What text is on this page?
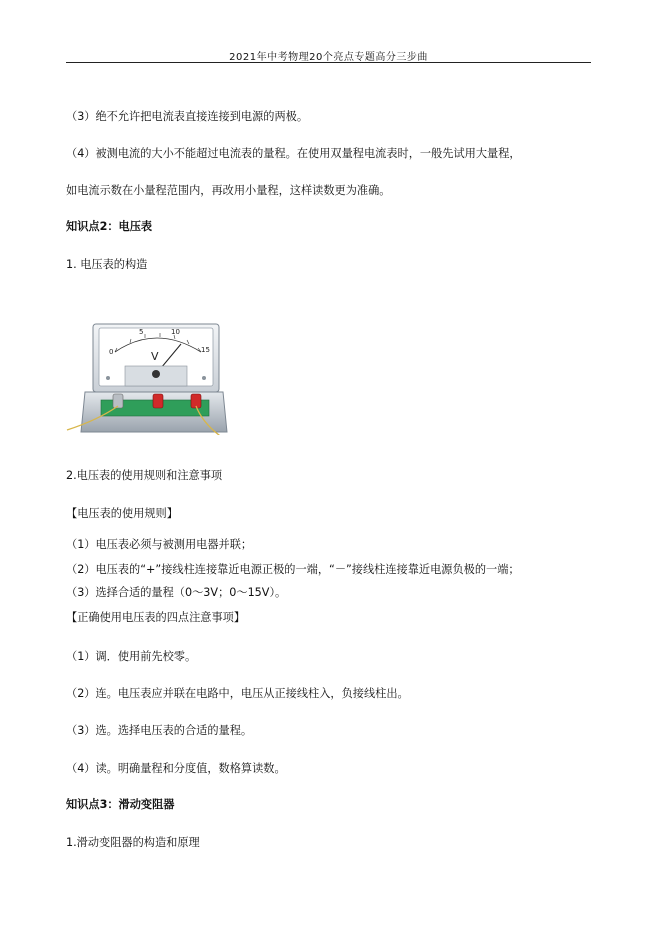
2021年中考物理20个亮点专题高分三步曲
（3）绝不允许把电流表直接连接到电源的两极。
（4）被测电流的大小不能超过电流表的量程。在使用双量程电流表时，一般先试用大量程，
如电流示数在小量程范围内，再改用小量程，这样读数更为准确。
知识点2：电压表
1. 电压表的构造
0
5	10
15
V
2.电压表的使用规则和注意事项
【电压表的使用规则】
（1）电压表必须与被测用电器并联；
（2）电压表的“+”接线柱连接靠近电源正极的一端，“－”接线柱连接靠近电源负极的一端；
（3）选择合适的量程（0～3V；0～15V）。
【正确使用电压表的四点注意事项】
（1）调．使用前先校零。
（2）连。电压表应并联在电路中，电压从正接线柱入，负接线柱出。
（3）选。选择电压表的合适的量程。
（4）读。明确量程和分度值，数格算读数。
知识点3：滑动变阻器
1.滑动变阻器的构造和原理
